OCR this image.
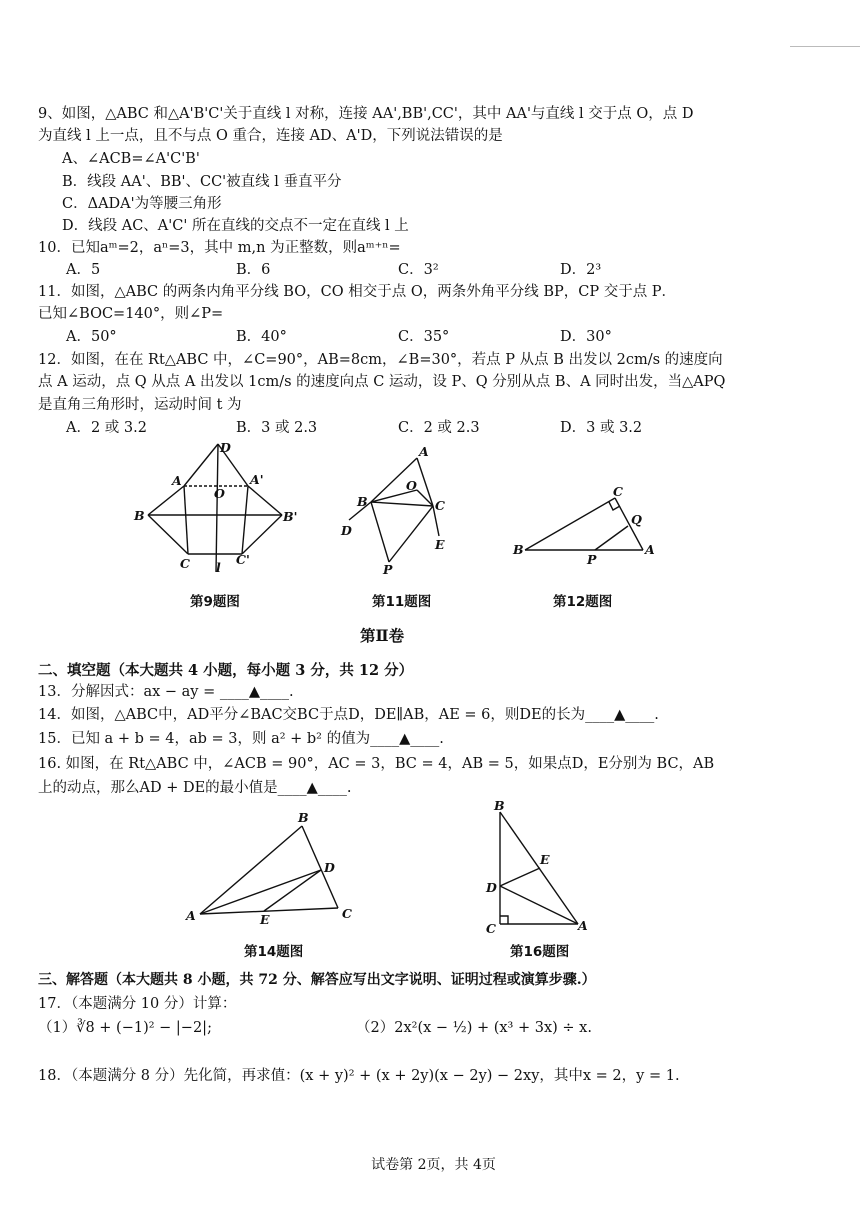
9、如图，△ABC 和△A'B'C'关于直线 l 对称，连接 AA',BB',CC'，其中 AA'与直线 l 交于点 O，点 D
为直线 l 上一点，且不与点 O 重合，连接 AD、A'D，下列说法错误的是
A、∠ACB=∠A'C'B'
B．线段 AA'、BB'、CC'被直线 l 垂直平分
C．ΔADA'为等腰三角形
D．线段 AC、A'C' 所在直线的交点不一定在直线 l 上
10．已知aᵐ=2，aⁿ=3，其中 m,n 为正整数，则aᵐ⁺ⁿ=
A．5	B．6	C．3²	D．2³
11．如图，△ABC 的两条内角平分线 BO，CO 相交于点 O，两条外角平分线 BP，CP 交于点 P．
已知∠BOC=140°，则∠P=
A．50°	B．40°	C．35°	D．30°
12．如图，在在 Rt△ABC 中，∠C=90°，AB=8cm，∠B=30°，若点 P 从点 B 出发以 2cm/s 的速度向
点 A 运动，点 Q 从点 A 出发以 1cm/s 的速度向点 C 运动，设 P、Q 分别从点 B、A 同时出发，当△APQ
是直角三角形时，运动时间 t 为
A．2 或 3.2	B．3 或 2.3	C．2 或 2.3	D．3 或 3.2
D
A	A'
O
B	B'
C	C'
l
第9题图
A
O
B	C
D
E
P
第11题图
C
Q
B
P
A
第12题图
第Ⅱ卷
二、填空题（本大题共 4 小题，每小题 3 分，共 12 分）
13．分解因式：ax − ay = ____▲____.
14．如图，△ABC中，AD平分∠BAC交BC于点D，DE∥AB，AE = 6，则DE的长为____▲____.
15．已知 a + b = 4，ab = 3，则 a² + b² 的值为____▲____.
16. 如图，在 Rt△ABC 中，∠ACB = 90°，AC = 3，BC = 4，AB = 5，如果点D，E分别为 BC，AB
上的动点，那么AD + DE的最小值是____▲____.
B
D
A	E	C
第14题图
B
E
D
C	A
第16题图
三、解答题（本大题共 8 小题，共 72 分、解答应写出文字说明、证明过程或演算步骤.）
17．（本题满分 10 分）计算：
（1）∛8 + (−1)² − |−2|;	（2）2x²(x − ½) + (x³ + 3x) ÷ x.
18．（本题满分 8 分）先化简，再求值：(x + y)² + (x + 2y)(x − 2y) − 2xy，其中x = 2，y = 1.
试卷第 2页，共 4页
